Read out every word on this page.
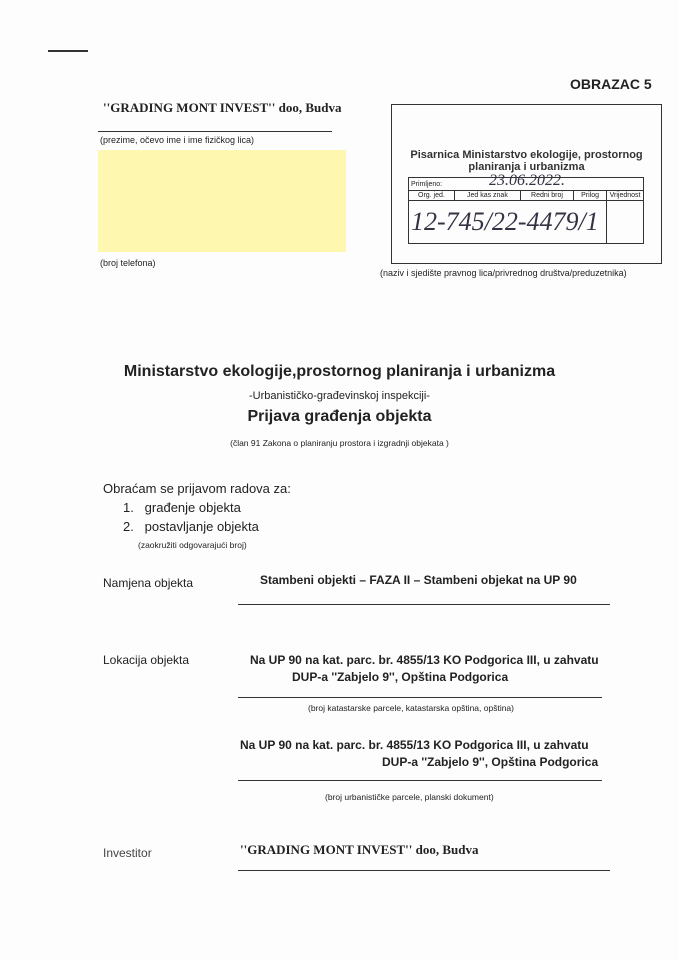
OBRAZAC 5
''GRADING MONT INVEST'' doo, Budva
(prezime, očevo ime i ime fizičkog lica)
(broj telefona)
Pisarnica Ministarstvo ekologije, prostornog
planiranja i urbanizma
Primljeno: 23.06.2022.				

Org. jed.	Jed kas znak	Redni broj	Prilog	Vrijednost
12-745/22-4479/1				
(naziv i sjedište pravnog lica/privrednog društva/preduzetnika)
Ministarstvo ekologije,prostornog planiranja i urbanizma
-Urbanističko-građevinskoj inspekciji-
Prijava građenja objekta
(član 91 Zakona o planiranju prostora i izgradnji objekata )
Obraćam se prijavom radova za:
1.   građenje objekta
2.   postavljanje objekta
(zaokružiti odgovarajući broj)
Namjena objekta	Stambeni objekti – FAZA II – Stambeni objekat na UP 90
Lokacija objekta	Na UP 90 na kat. parc. br. 4855/13 KO Podgorica III, u zahvatu
DUP-a ''Zabjelo 9'', Opština Podgorica
(broj katastarske parcele, katastarska opština, opština)
Na UP 90 na kat. parc. br. 4855/13 KO Podgorica III, u zahvatu
DUP-a ''Zabjelo 9'', Opština Podgorica
(broj urbanističke parcele, planski dokument)
Investitor	''GRADING MONT INVEST'' doo, Budva
